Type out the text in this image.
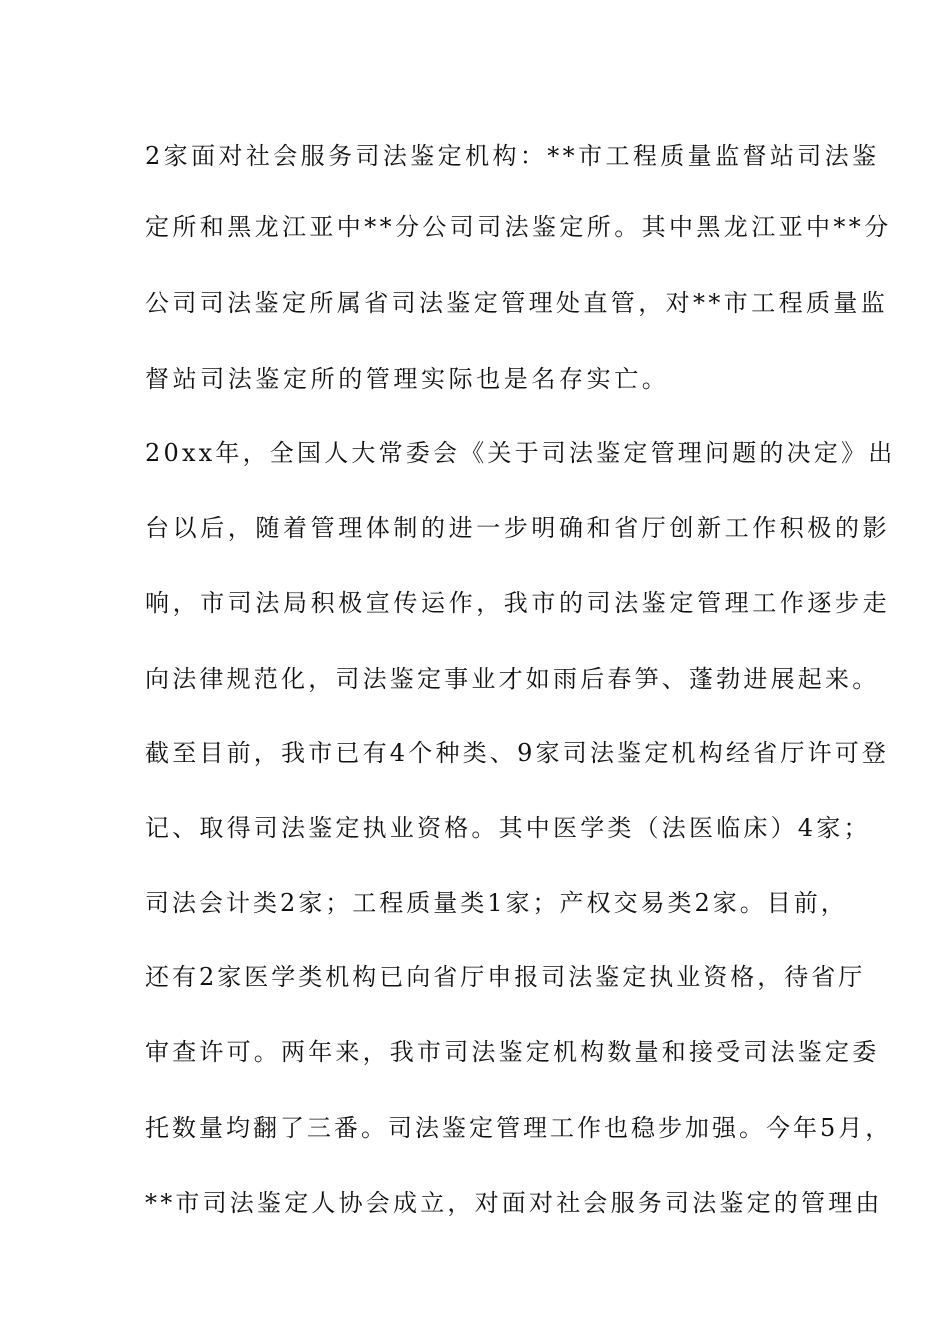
2家面对社会服务司法鉴定机构：**市工程质量监督站司法鉴
定所和黑龙江亚中**分公司司法鉴定所。其中黑龙江亚中**分
公司司法鉴定所属省司法鉴定管理处直管，对**市工程质量监
督站司法鉴定所的管理实际也是名存实亡。
20xx年，全国人大常委会《关于司法鉴定管理问题的决定》出
台以后，随着管理体制的进一步明确和省厅创新工作积极的影
响，市司法局积极宣传运作，我市的司法鉴定管理工作逐步走
向法律规范化，司法鉴定事业才如雨后春笋、蓬勃进展起来。
截至目前，我市已有4个种类、9家司法鉴定机构经省厅许可登
记、取得司法鉴定执业资格。其中医学类（法医临床）4家；
司法会计类2家；工程质量类1家；产权交易类2家。目前，
还有2家医学类机构已向省厅申报司法鉴定执业资格，待省厅
审查许可。两年来，我市司法鉴定机构数量和接受司法鉴定委
托数量均翻了三番。司法鉴定管理工作也稳步加强。今年5月，
**市司法鉴定人协会成立，对面对社会服务司法鉴定的管理由
